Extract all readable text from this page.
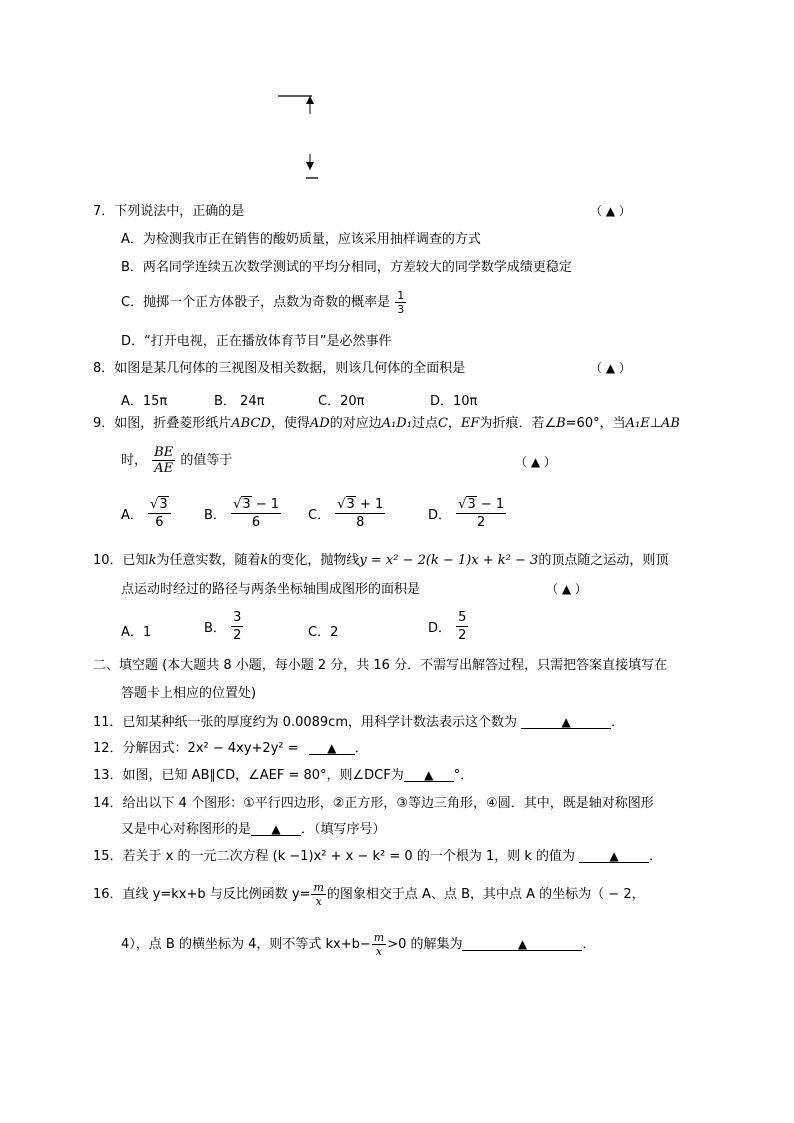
7．下列说法中，正确的是	（ ▲ ）
A．为检测我市正在销售的酸奶质量，应该采用抽样调查的方式
B．两名同学连续五次数学测试的平均分相同，方差较大的同学数学成绩更稳定
C．抛掷一个正方体骰子，点数为奇数的概率是 $\frac{1}{3}$
D．“打开电视，正在播放体育节目”是必然事件
8．如图是某几何体的三视图及相关数据，则该几何体的全面积是	（ ▲ ）
A．15π	B． 24π	C．20π	D．10π
9．如图，折叠菱形纸片ABCD，使得AD的对应边A₁D₁过点C，EF为折痕．若∠B=60°，当A₁E⊥AB
时， $\frac{BE}{AE}$ 的值等于	（ ▲ ）
A． $\frac{√3}{6}$	B． $\frac{√3 - 1}{6}$ C． $\frac{√3 + 1}{8}$	D． $\frac{√3 - 1}{2}$
10．已知k为任意实数，随着k的变化，抛物线y = x² − 2(k − 1)x + k² − 3的顶点随之运动，则顶
点运动时经过的路径与两条坐标轴围成图形的面积是	（ ▲ ）
A．1	B． $\frac{3}{2}$	C．2	D． $\frac{5}{2}$
二、填空题 (本大题共 8 小题，每小题 2 分，共 16 分．不需写出解答过程，只需把答案直接填写在
答题卡上相应的位置处)
11．已知某种纸一张的厚度约为 0.0089cm，用科学计数法表示这个数为	▲	．
12．分解因式：2x² − 4xy+2y² = ▲ ．
13．如图，已知 AB∥CD，∠AEF = 80°，则∠DCF为 ▲ °．
14．给出以下 4 个图形：①平行四边形，②正方形，③等边三角形，④圆．其中，既是轴对称图形
又是中心对称图形的是 ▲ ．（填写序号）
15．若关于 x 的一元二次方程 (k −1)x² + x − k² = 0 的一个根为 1，则 k 的值为	▲ ．
16．直线 y=kx+b 与反比例函数 $y= \frac{m}{x}$ 的图象相交于点 A、点 B，其中点 A 的坐标为（ − 2，
4），点 B 的横坐标为 4，则不等式 $kx+b- \frac{m}{x} >0$ 的解集为	▲	．
